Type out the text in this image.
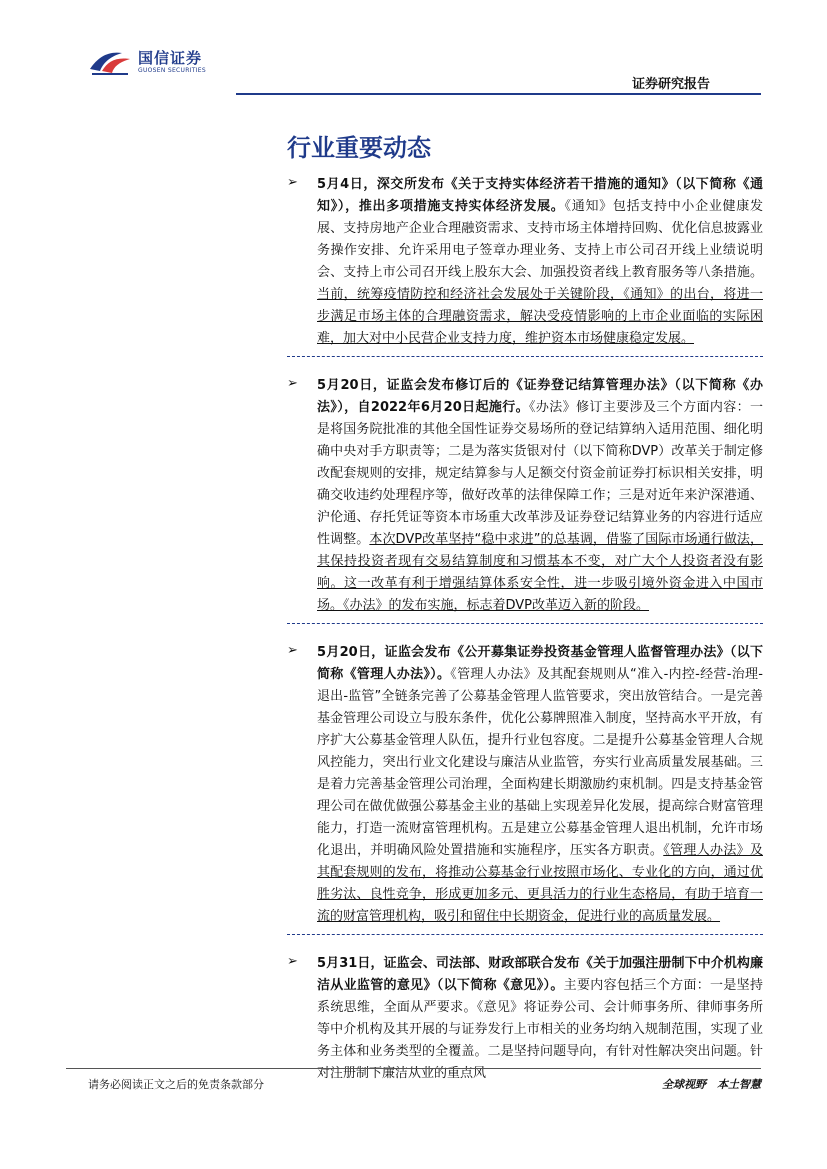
国信证券
GUOSEN SECURITIES
证券研究报告
行业重要动态
➢ 5月4日，深交所发布《关于支持实体经济若干措施的通知》（以下简称《通知》），推出多项措施支持实体经济发展。《通知》包括支持中小企业健康发展、支持房地产企业合理融资需求、支持市场主体增持回购、优化信息披露业务操作安排、允许采用电子签章办理业务、支持上市公司召开线上业绩说明会、支持上市公司召开线上股东大会、加强投资者线上教育服务等八条措施。当前，统筹疫情防控和经济社会发展处于关键阶段，《通知》的出台，将进一步满足市场主体的合理融资需求，解决受疫情影响的上市企业面临的实际困难，加大对中小民营企业支持力度，维护资本市场健康稳定发展。

➢ 5月20日，证监会发布修订后的《证券登记结算管理办法》（以下简称《办法》），自2022年6月20日起施行。《办法》修订主要涉及三个方面内容：一是将国务院批准的其他全国性证券交易场所的登记结算纳入适用范围、细化明确中央对手方职责等；二是为落实货银对付（以下简称DVP）改革关于制定修改配套规则的安排，规定结算参与人足额交付资金前证券打标识相关安排，明确交收违约处理程序等，做好改革的法律保障工作；三是对近年来沪深港通、沪伦通、存托凭证等资本市场重大改革涉及证券登记结算业务的内容进行适应性调整。本次DVP改革坚持“稳中求进”的总基调，借鉴了国际市场通行做法，其保持投资者现有交易结算制度和习惯基本不变，对广大个人投资者没有影响。这一改革有利于增强结算体系安全性，进一步吸引境外资金进入中国市场。《办法》的发布实施，标志着DVP改革迈入新的阶段。

➢ 5月20日，证监会发布《公开募集证券投资基金管理人监督管理办法》（以下简称《管理人办法》）。《管理人办法》及其配套规则从“准入-内控-经营-治理-退出-监管”全链条完善了公募基金管理人监管要求，突出放管结合。一是完善基金管理公司设立与股东条件，优化公募牌照准入制度，坚持高水平开放，有序扩大公募基金管理人队伍，提升行业包容度。二是提升公募基金管理人合规风控能力，突出行业文化建设与廉洁从业监管，夯实行业高质量发展基础。三是着力完善基金管理公司治理，全面构建长期激励约束机制。四是支持基金管理公司在做优做强公募基金主业的基础上实现差异化发展，提高综合财富管理能力，打造一流财富管理机构。五是建立公募基金管理人退出机制，允许市场化退出，并明确风险处置措施和实施程序，压实各方职责。《管理人办法》及其配套规则的发布，将推动公募基金行业按照市场化、专业化的方向，通过优胜劣汰、良性竞争，形成更加多元、更具活力的行业生态格局，有助于培育一流的财富管理机构，吸引和留住中长期资金，促进行业的高质量发展。

➢ 5月31日，证监会、司法部、财政部联合发布《关于加强注册制下中介机构廉洁从业监管的意见》（以下简称《意见》）。主要内容包括三个方面：一是坚持系统思维，全面从严要求。《意见》将证券公司、会计师事务所、律师事务所等中介机构及其开展的与证券发行上市相关的业务均纳入规制范围，实现了业务主体和业务类型的全覆盖。二是坚持问题导向，有针对性解决突出问题。针对注册制下廉洁从业的重点风

请务必阅读正文之后的免责条款部分	全球视野　本土智慧
